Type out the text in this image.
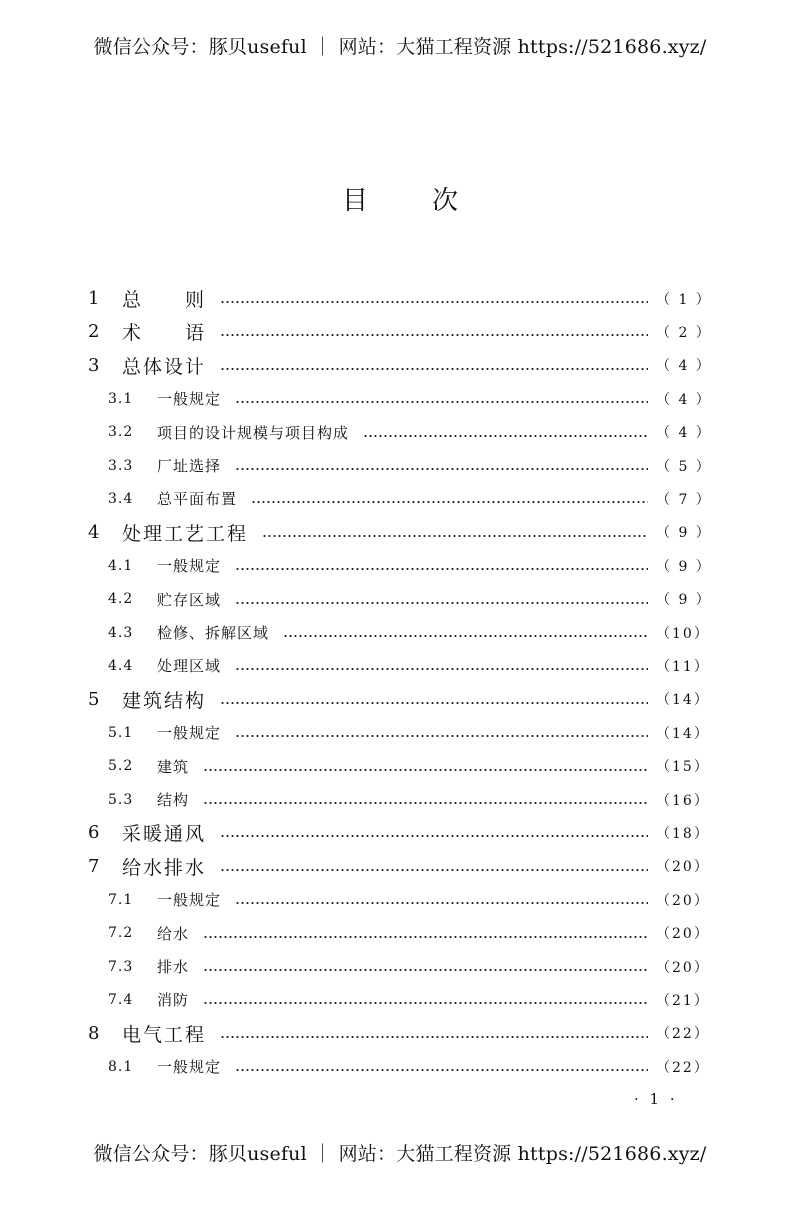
微信公众号：豚贝useful ｜ 网站：大猫工程资源 https://521686.xyz/
目次
1 总　　则	（ 1 ）
2 术　　语	（ 2 ）
3 总体设计	（ 4 ）
3.1 一般规定	（ 4 ）
3.2 项目的设计规模与项目构成	（ 4 ）
3.3 厂址选择	（ 5 ）
3.4 总平面布置	（ 7 ）
4 处理工艺工程	（ 9 ）
4.1 一般规定	（ 9 ）
4.2 贮存区域	（ 9 ）
4.3 检修、拆解区域	（10）
4.4 处理区域	（11）
5 建筑结构	（14）
5.1 一般规定	（14）
5.2 建筑	（15）
5.3 结构	（16）
6 采暖通风	（18）
7 给水排水	（20）
7.1 一般规定	（20）
7.2 给水	（20）
7.3 排水	（20）
7.4 消防	（21）
8 电气工程	（22）
8.1 一般规定	（22）
· 1 ·
微信公众号：豚贝useful ｜ 网站：大猫工程资源 https://521686.xyz/
